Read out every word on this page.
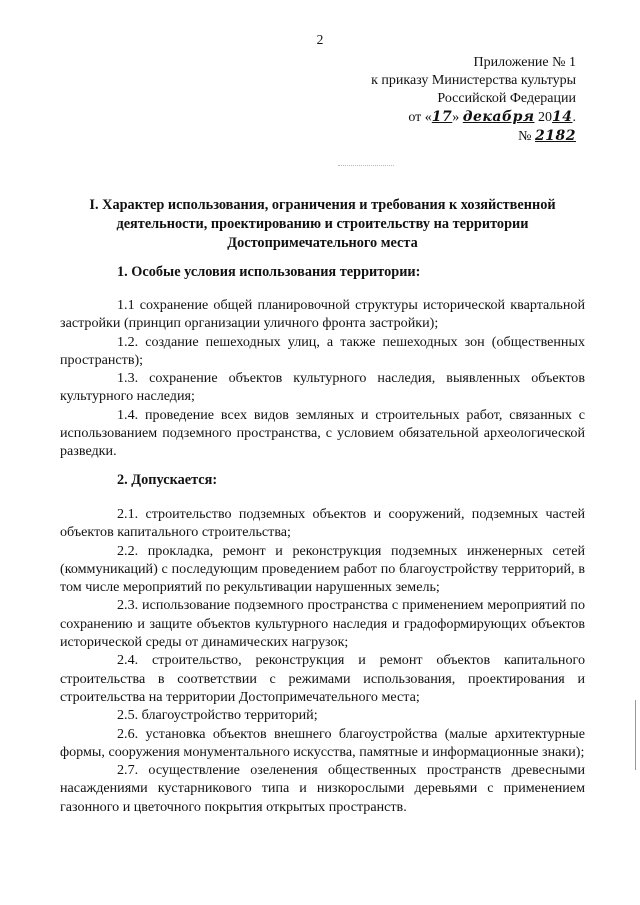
2
Приложение № 1
к приказу Министерства культуры
Российской Федерации
от «17» декабря 2014.
№ 2182
I. Характер использования, ограничения и требования к хозяйственной деятельности, проектированию и строительству на территории Достопримечательного места
1. Особые условия использования территории:

1.1 сохранение общей планировочной структуры исторической квартальной застройки (принцип организации уличного фронта застройки);

1.2. создание пешеходных улиц, а также пешеходных зон (общественных пространств);

1.3. сохранение объектов культурного наследия, выявленных объектов культурного наследия;

1.4. проведение всех видов земляных и строительных работ, связанных с использованием подземного пространства, с условием обязательной археологической разведки.

2. Допускается:

2.1. строительство подземных объектов и сооружений, подземных частей объектов капитального строительства;

2.2. прокладка, ремонт и реконструкция подземных инженерных сетей (коммуникаций) с последующим проведением работ по благоустройству территорий, в том числе мероприятий по рекультивации нарушенных земель;

2.3. использование подземного пространства с применением мероприятий по сохранению и защите объектов культурного наследия и градоформирующих объектов исторической среды от динамических нагрузок;

2.4. строительство, реконструкция и ремонт объектов капитального строительства в соответствии с режимами использования, проектирования и строительства на территории Достопримечательного места;

2.5. благоустройство территорий;

2.6. установка объектов внешнего благоустройства (малые архитектурные формы, сооружения монументального искусства, памятные и информационные знаки);

2.7. осуществление озеленения общественных пространств древесными насаждениями кустарникового типа и низкорослыми деревьями с применением газонного и цветочного покрытия открытых пространств.
